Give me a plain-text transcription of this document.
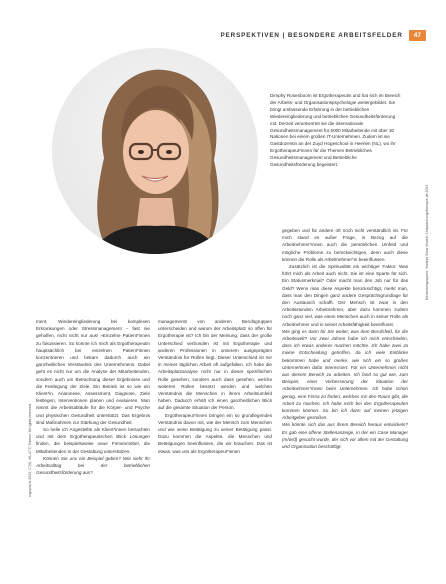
PERSPEKTIVEN | BESONDERE ARBEITSFELDER	47

Dimphy Rosenboom ist Ergotherapeutin und hat sich im Bereich der Arbeits- und Organisationspsychologie weitergebildet. Sie bringt umfassende Erfahrung in der betrieblichen Wiedereingliederung und betrieblichen Gesundheitsförderung mit. Derzeit verantwortet sie die internationale Gesundheitsmanagement für 6000 Mitarbeitende mit über 30 Nationen bei einem großen IT-Unternehmen. Zudem ist sie Gastdozentin an der Zuyd Hogeschool in Heerlen (NL), wo ihr Ergotherapeut*innen für die Themen Betriebliches Gesundheitsmanagement und Betriebliche Gesundheitsförderung begeistert.

Menschengruppen: Yovanni Sonz Visuell / Unsplash-ergotherapie.de 2024
ergopraxis 2024; 17(9): 46–47 © Thieme. All rights reserved.

ment, Wiedereingliederung bei komplexen Erkrankungen oder Stressmanagement – fast nie geholfen, nicht nicht nur aus! »Einzelne Patient*innen zu fokussieren. So konnte ich mich als Ergotherapeutin hauptsächlich bei einzelnen Patient*innen konzentrieren und bekam dadurch auch ein ganzheitliches Verständnis des Unternehmens. Dabei geht es nicht nur um die Analyse der Mitarbeitenden, sondern auch um Betrachtung dieser Ergebnisse und die Festlegung der Ziele. Ein Betrieb ist so wie ein Klient*in. Anamnese, Assessment, Diagnose, Ziele festlegen, Interventionen planen und evaluieren. Man nimmt die Arbeitsabläufe für die Körper- und Psyche und physischen Gesundheit unterstützt. Das Ergebnis sind Maßnahmen zur Stärkung der Gesundheit.

So helle ich Angestellte als Klient*innen betrachten und mit dem Ergotherapeutischen Blick Lösungen finden, die beispielsweise neue Firmenmöbel, die Mitarbeitenden in der Gestaltung unterstützen.

Können Sie uns ein Beispiel geben? Wie sieht Ihr Arbeitsalltag bei der betrieblichen Gesundheitsförderung aus?

managements von anderen Berufsgruppen unterscheiden und warum der Arbeitsplatz so offen für Ergotherapie ist? Ich bin der Meinung, dass der große Unterschied verbunden ist mit Ergotherapie und anderen Professionen in unserem ausgeprägten Verständnis für Rollen liegt. Dieser Unterschied ist mir in meiner täglichen Arbeit oft aufgefallen. Ich habe die Arbeitsplatzanalyse nicht nur in dieser spezifischen Rolle gesehen, sondern auch dass gesehen, welche weiteren Rollen besetzt werden und welchen Verständnis die Menschen in ihrem Arbeitsumfeld haben. Dadurch erhält ich einen ganzheitlichen Blick auf die gesamte Situation der Person.

Ergotherapeut*innen bringen ein so grundlegendes Verständnis davon mit, wie der Mensch zum Menschen und wie seine Betätigung zu seiner Betätigung passt. Dazu kommen die Aspekte, die Menschen und Betätigungen beeinflussen, die wir brauchen. Das ist etwas, was uns als Ergotherapeut*innen

gegeben und für andere oft noch nicht verständlich ist. Für mich stand es außer Frage, in Bezug auf die Arbeitnehmer*innen auch die persönlichen Umfeld und mögliche Probleme zu berücksichtigen, denn auch diese können die Rolle als Arbeitnehmer*in beeinflussen.

Zusätzlich ist die Spiritualität ein wichtiger Faktor. Was führt mich als Arbeit auch nicht. Sie ist eine Sparte für sich. Ein Statusmerkmal? Oder macht man den Job nur für das Geld? Wenn man diese Aspekte berücksichtigt, merkt man, dass man den Dingen ganz andere Gesprächsgrundlage für den Austausch schafft. Der Mensch ist zwar in den Arbeitsstunden Arbeitnehmer, aber dazu kommen zudem noch ganz viel, was einen Menschen auch in seiner Rolle als Arbeitnehmer und in seiner Arbeitsfähigkeit beeinflusst.

Wie ging es dann für Sie weiter, was dem Berufsfeld, für die Arbeitswelt? Vor zwei Jahren habe ich mich entschieden, dass ich etwas anderes machen möchte. Ich habe zwei Ja meine Entscheidung getroffen, da ich viele Einblicke bekommen habe und merke, wie sich ein so großes Unternehmen dafür interessiert. Für ein Unternehmen nicht aus diesem Bereich zu arbeiten. Ich fand so gut wie, zum Beispiel, einer Verbesserung der Situation der Arbeitnehmer*innen beim Unternehmen. Ich habe schon genug, eine Firma zu finden, welches mir den Raum gibt, die Arbeit zu machen. Ich habe mich bei den Ergotherapeuten kommen können. So bin ich dann auf meinen jetzigen Arbeitgeber gestoßen.

Wie könnte sich das aus ihrem Bereich heraus entwickeln? Es gab eine offene Stellenanzeige, in der ein Case Manager (m/w/d) gesucht wurde, der sich vor allem mit der Gestaltung und Organisation beschäftigt.
